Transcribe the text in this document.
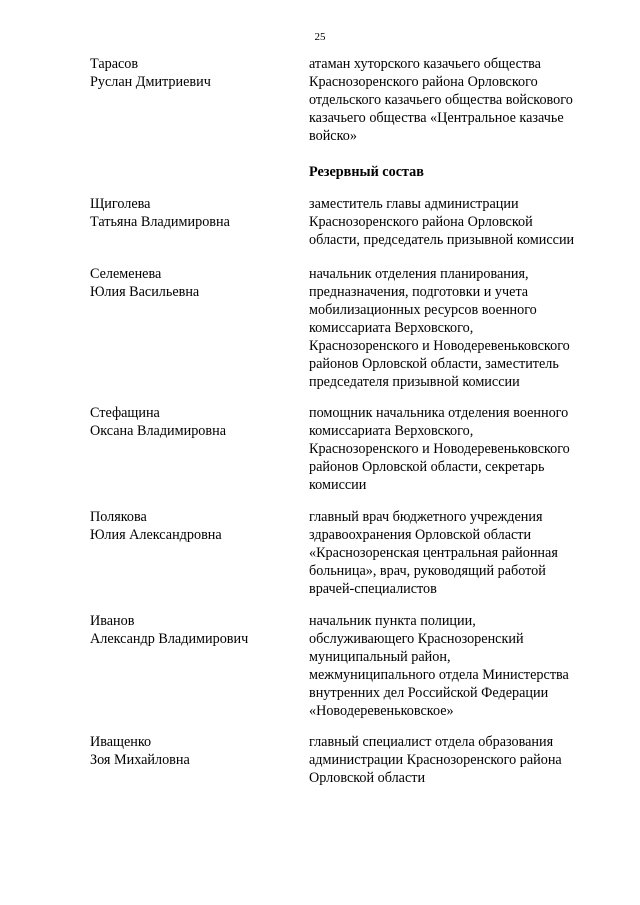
25
Тарасов
Руслан Дмитриевич
атаман хуторского казачьего общества
Краснозоренского района Орловского
отдельского казачьего общества войскового
казачьего общества «Центральное казачье
войско»
Резервный состав
Щиголева
Татьяна Владимировна
заместитель главы администрации
Краснозоренского района Орловской
области, председатель призывной комиссии
Селеменева
Юлия Васильевна
начальник отделения планирования,
предназначения, подготовки и учета
мобилизационных ресурсов военного
комиссариата Верховского,
Краснозоренского и Новодеревеньковского
районов Орловской области, заместитель
председателя призывной комиссии
Стефащина
Оксана Владимировна
помощник начальника отделения военного
комиссариата Верховского,
Краснозоренского и Новодеревеньковского
районов Орловской области, секретарь
комиссии
Полякова
Юлия Александровна
главный врач бюджетного учреждения
здравоохранения Орловской области
«Краснозоренская центральная районная
больница», врач, руководящий работой
врачей-специалистов
Иванов
Александр Владимирович
начальник пункта полиции,
обслуживающего Краснозоренский
муниципальный район,
межмуниципального отдела Министерства
внутренних дел Российской Федерации
«Новодеревеньковское»
Иващенко
Зоя Михайловна
главный специалист отдела образования
администрации Краснозоренского района
Орловской области
